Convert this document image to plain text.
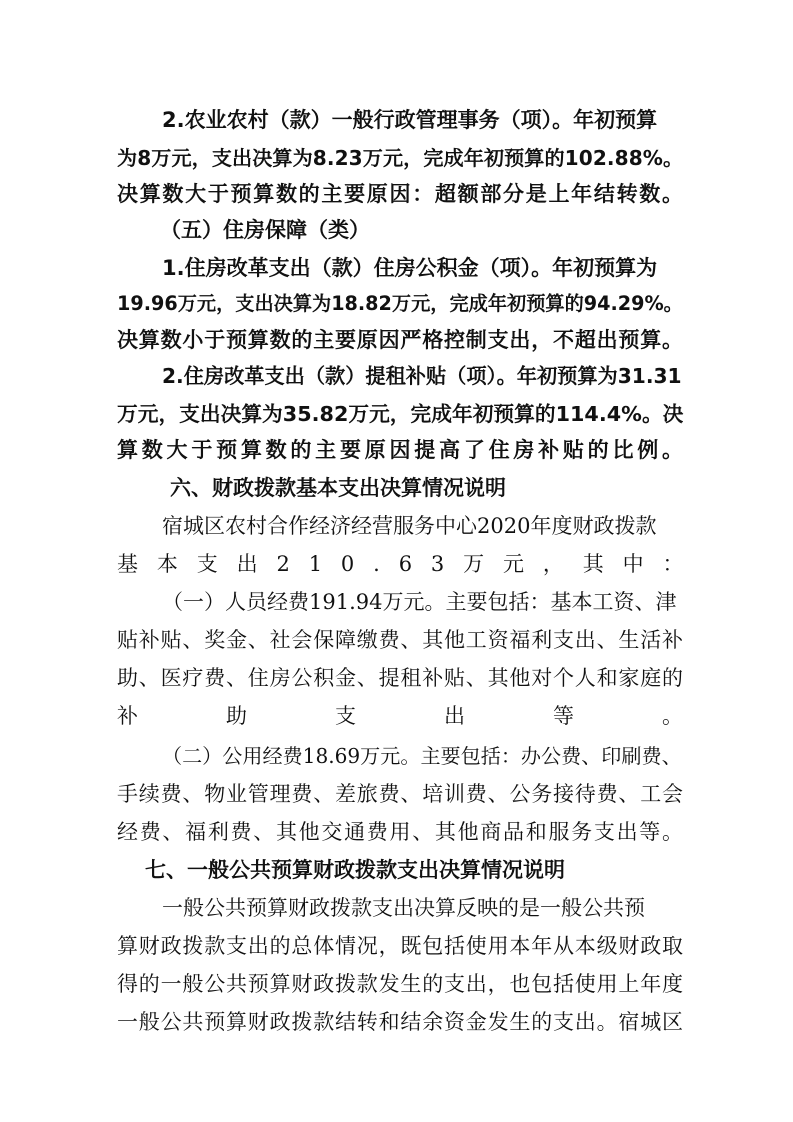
2.农业农村（款）一般行政管理事务（项）。年初预算
为8万元，支出决算为8.23万元，完成年初预算的102.88%。
决算数大于预算数的主要原因：超额部分是上年结转数。
（五）住房保障（类）
1.住房改革支出（款）住房公积金（项）。年初预算为
19.96万元，支出决算为18.82万元，完成年初预算的94.29%。
决算数小于预算数的主要原因严格控制支出，不超出预算。
2.住房改革支出（款）提租补贴（项）。年初预算为31.31
万元，支出决算为35.82万元，完成年初预算的114.4%。决
算数大于预算数的主要原因提高了住房补贴的比例。
六、财政拨款基本支出决算情况说明
宿城区农村合作经济经营服务中心2020年度财政拨款
基本支出210.63万元，其中：
（一）人员经费191.94万元。主要包括：基本工资、津
贴补贴、奖金、社会保障缴费、其他工资福利支出、生活补
助、医疗费、住房公积金、提租补贴、其他对个人和家庭的
补助支出等。
（二）公用经费18.69万元。主要包括：办公费、印刷费、
手续费、物业管理费、差旅费、培训费、公务接待费、工会
经费、福利费、其他交通费用、其他商品和服务支出等。
七、一般公共预算财政拨款支出决算情况说明
一般公共预算财政拨款支出决算反映的是一般公共预
算财政拨款支出的总体情况，既包括使用本年从本级财政取
得的一般公共预算财政拨款发生的支出，也包括使用上年度
一般公共预算财政拨款结转和结余资金发生的支出。宿城区
